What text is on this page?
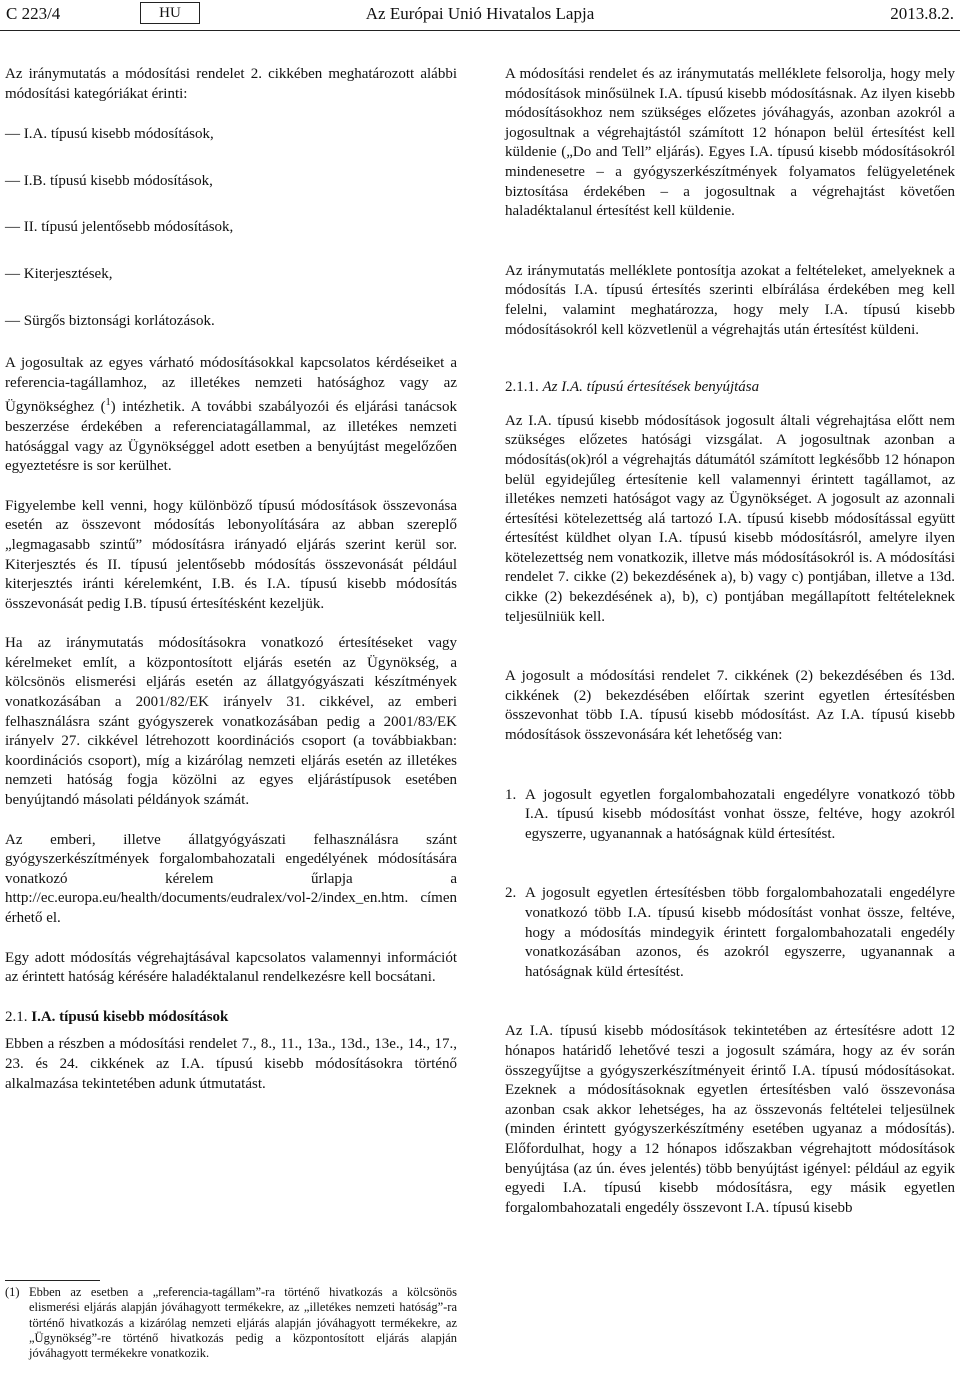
C 223/4	HU	Az Európai Unió Hivatalos Lapja	2013.8.2.

Az iránymutatás a módosítási rendelet 2. cikkében meghatározott alábbi módosítási kategóriákat érinti:

— I.A. típusú kisebb módosítások,

— I.B. típusú kisebb módosítások,

— II. típusú jelentősebb módosítások,

— Kiterjesztések,

— Sürgős biztonsági korlátozások.

A jogosultak az egyes várható módosításokkal kapcsolatos kérdéseiket a referencia-tagállamhoz, az illetékes nemzeti hatósághoz vagy az Ügynökséghez ($^1$) intézhetik. A további szabályozói és eljárási tanácsok beszerzése érdekében a referenciatagállammal, az illetékes nemzeti hatósággal vagy az Ügynökséggel adott esetben a benyújtást megelőzően egyeztetésre is sor kerülhet.

Figyelembe kell venni, hogy különböző típusú módosítások összevonása esetén az összevont módosítás lebonyolítására az abban szereplő „legmagasabb szintű” módosításra irányadó eljárás szerint kerül sor. Kiterjesztés és II. típusú jelentősebb módosítás összevonását például kiterjesztés iránti kérelemként, I.B. és I.A. típusú kisebb módosítás összevonását pedig I.B. típusú értesítésként kezeljük.

Ha az iránymutatás módosításokra vonatkozó értesítéseket vagy kérelmeket említ, a központosított eljárás esetén az Ügynökség, a kölcsönös elismerési eljárás esetén az állatgyógyászati készítmények vonatkozásában a 2001/82/EK irányelv 31. cikkével, az emberi felhasználásra szánt gyógyszerek vonatkozásában pedig a 2001/83/EK irányelv 27. cikkével létrehozott koordinációs csoport (a továbbiakban: koordinációs csoport), míg a kizárólag nemzeti eljárás esetén az illetékes nemzeti hatóság fogja közölni az egyes eljárástípusok esetében benyújtandó másolati példányok számát.

Az emberi, illetve állatgyógyászati felhasználásra szánt gyógyszerkészítmények forgalombahozatali engedélyének módosítására vonatkozó kérelem űrlapja a http://ec.europa.eu/health/documents/eudralex/vol-2/index_en.htm. címen érhető el.

Egy adott módosítás végrehajtásával kapcsolatos valamennyi információt az érintett hatóság kérésére haladéktalanul rendelkezésre kell bocsátani.

2.1. I.A. típusú kisebb módosítások

Ebben a részben a módosítási rendelet 7., 8., 11., 13a., 13d., 13e., 14., 17., 23. és 24. cikkének az I.A. típusú kisebb módosításokra történő alkalmazása tekintetében adunk útmutatást.

(1) Ebben az esetben a „referencia-tagállam”-ra történő hivatkozás a kölcsönös elismerési eljárás alapján jóváhagyott termékekre, az „illetékes nemzeti hatóság”-ra történő hivatkozás a kizárólag nemzeti eljárás alapján jóváhagyott termékekre, az „Ügynökség”-re történő hivatkozás pedig a központosított eljárás alapján jóváhagyott termékekre vonatkozik.

A módosítási rendelet és az iránymutatás melléklete felsorolja, hogy mely módosítások minősülnek I.A. típusú kisebb módosításnak. Az ilyen kisebb módosításokhoz nem szükséges előzetes jóváhagyás, azonban azokról a jogosultnak a végrehajtástól számított 12 hónapon belül értesítést kell küldenie („Do and Tell” eljárás). Egyes I.A. típusú kisebb módosításokról mindenesetre – a gyógyszerkészítmények folyamatos felügyeletének biztosítása érdekében – a jogosultnak a végrehajtást követően haladéktalanul értesítést kell küldenie.

Az iránymutatás melléklete pontosítja azokat a feltételeket, amelyeknek a módosítás I.A. típusú értesítés szerinti elbírálása érdekében meg kell felelni, valamint meghatározza, hogy mely I.A. típusú kisebb módosításokról kell közvetlenül a végrehajtás után értesítést küldeni.

2.1.1. Az I.A. típusú értesítések benyújtása

Az I.A. típusú kisebb módosítások jogosult általi végrehajtása előtt nem szükséges előzetes hatósági vizsgálat. A jogosultnak azonban a módosítás(ok)ról a végrehajtás dátumától számított legkésőbb 12 hónapon belül egyidejűleg értesítenie kell valamennyi érintett tagállamot, az illetékes nemzeti hatóságot vagy az Ügynökséget. A jogosult az azonnali értesítési kötelezettség alá tartozó I.A. típusú kisebb módosítással együtt értesítést küldhet olyan I.A. típusú kisebb módosításról, amelyre ilyen kötelezettség nem vonatkozik, illetve más módosításokról is. A módosítási rendelet 7. cikke (2) bekezdésének a), b) vagy c) pontjában, illetve a 13d. cikke (2) bekezdésének a), b), c) pontjában megállapított feltételeknek teljesülniük kell.

A jogosult a módosítási rendelet 7. cikkének (2) bekezdésében és 13d. cikkének (2) bekezdésében előírtak szerint egyetlen értesítésben összevonhat több I.A. típusú kisebb módosítást. Az I.A. típusú kisebb módosítások összevonására két lehetőség van:

1. A jogosult egyetlen forgalombahozatali engedélyre vonatkozó több I.A. típusú kisebb módosítást vonhat össze, feltéve, hogy azokról egyszerre, ugyanannak a hatóságnak küld értesítést.

2. A jogosult egyetlen értesítésben több forgalombahozatali engedélyre vonatkozó több I.A. típusú kisebb módosítást vonhat össze, feltéve, hogy a módosítás mindegyik érintett forgalombahozatali engedély vonatkozásában azonos, és azokról egyszerre, ugyanannak a hatóságnak küld értesítést.

Az I.A. típusú kisebb módosítások tekintetében az értesítésre adott 12 hónapos határidő lehetővé teszi a jogosult számára, hogy az év során összegyűjtse a gyógyszerkészítményeit érintő I.A. típusú módosításokat. Ezeknek a módosításoknak egyetlen értesítésben való összevonása azonban csak akkor lehetséges, ha az összevonás feltételei teljesülnek (minden érintett gyógyszerkészítmény esetében ugyanaz a módosítás). Előfordulhat, hogy a 12 hónapos időszakban végrehajtott módosítások benyújtása (az ún. éves jelentés) több benyújtást igényel: például az egyik egyedi I.A. típusú kisebb módosításra, egy másik egyetlen forgalombahozatali engedély összevont I.A. típusú kisebb
